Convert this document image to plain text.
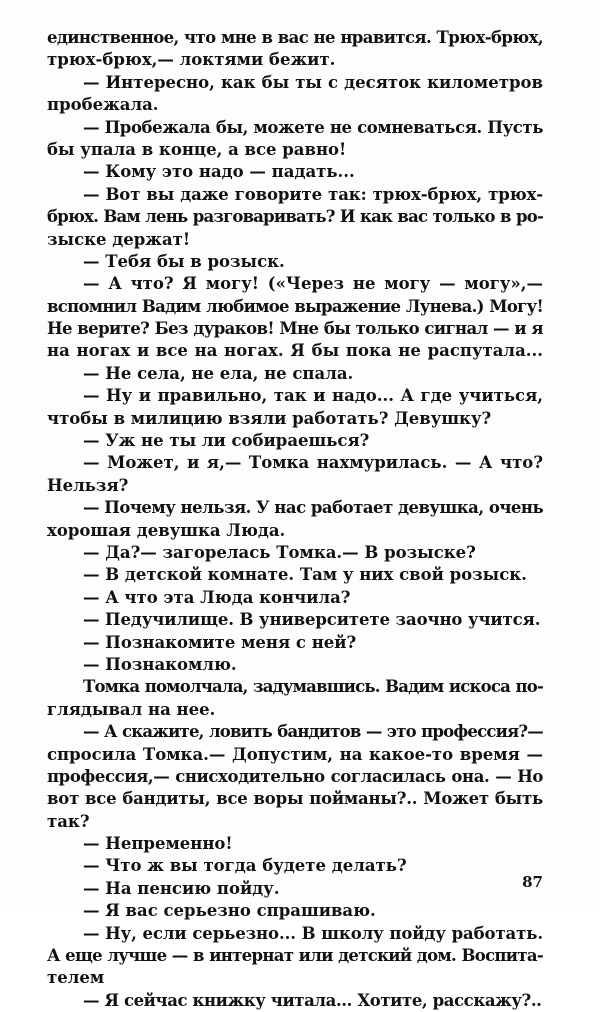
единственное, что мне в вас не нравится. Трюх-брюх,
трюх-брюх,— локтями бежит.
— Интересно, как бы ты с десяток километров
пробежала.
— Пробежала бы, можете не сомневаться. Пусть
бы упала в конце, а все равно!
— Кому это надо — падать...
— Вот вы даже говорите так: трюх-брюх, трюх-
брюх. Вам лень разговаривать? И как вас только в ро-
зыске держат!
— Тебя бы в розыск.
— А что? Я могу! («Через не могу — могу»,—
вспомнил Вадим любимое выражение Лунева.) Могу!
Не верите? Без дураков! Мне бы только сигнал — и я
на ногах и все на ногах. Я бы пока не распутала...
— Не села, не ела, не спала.
— Ну и правильно, так и надо... А где учиться,
чтобы в милицию взяли работать? Девушку?
— Уж не ты ли собираешься?
— Может, и я,— Томка нахмурилась. — А что?
Нельзя?
— Почему нельзя. У нас работает девушка, очень
хорошая девушка Люда.
— Да?— загорелась Томка.— В розыске?
— В детской комнате. Там у них свой розыск.
— А что эта Люда кончила?
— Педучилище. В университете заочно учится.
— Познакомите меня с ней?
— Познакомлю.
Томка помолчала, задумавшись. Вадим искоса по-
глядывал на нее.
— А скажите, ловить бандитов — это профессия?—
спросила Томка.— Допустим, на какое-то время —
профессия,— снисходительно согласилась она. — Но
вот все бандиты, все воры пойманы?.. Может быть
так?
— Непременно!
— Что ж вы тогда будете делать?
— На пенсию пойду.
— Я вас серьезно спрашиваю.
— Ну, если серьезно... В школу пойду работать.
А еще лучше — в интернат или детский дом. Воспита-
телем
— Я сейчас книжку читала... Хотите, расскажу?..
87
